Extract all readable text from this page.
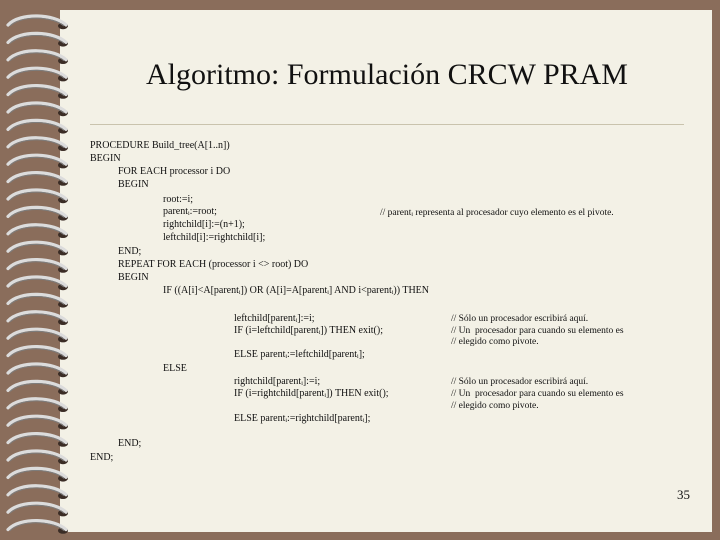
Algoritmo: Formulación CRCW PRAM
PROCEDURE Build_tree(A[1..n])
BEGIN
FOR EACH processor i DO
BEGIN
root:=i;
parentᵢ:=root;
rightchild[i]:=(n+1);
leftchild[i]:=rightchild[i];
END;
REPEAT FOR EACH (processor i <> root) DO
BEGIN
IF ((A[i]<A[parentᵢ]) OR (A[i]=A[parentᵢ] AND i<parentᵢ)) THEN
leftchild[parentᵢ]:=i;
IF (i=leftchild[parentᵢ]) THEN exit();
ELSE parentᵢ:=leftchild[parentᵢ];
ELSE
rightchild[parentᵢ]:=i;
IF (i=rightchild[parentᵢ]) THEN exit();
ELSE parentᵢ:=rightchild[parentᵢ];
END;
END;
// parentᵢ representa al procesador cuyo elemento es el pivote.
// Sólo un procesador escribirá aquí.
// Un  procesador para cuando su elemento es
// elegido como pivote.
// Sólo un procesador escribirá aquí.
// Un  procesador para cuando su elemento es
// elegido como pivote.
35
